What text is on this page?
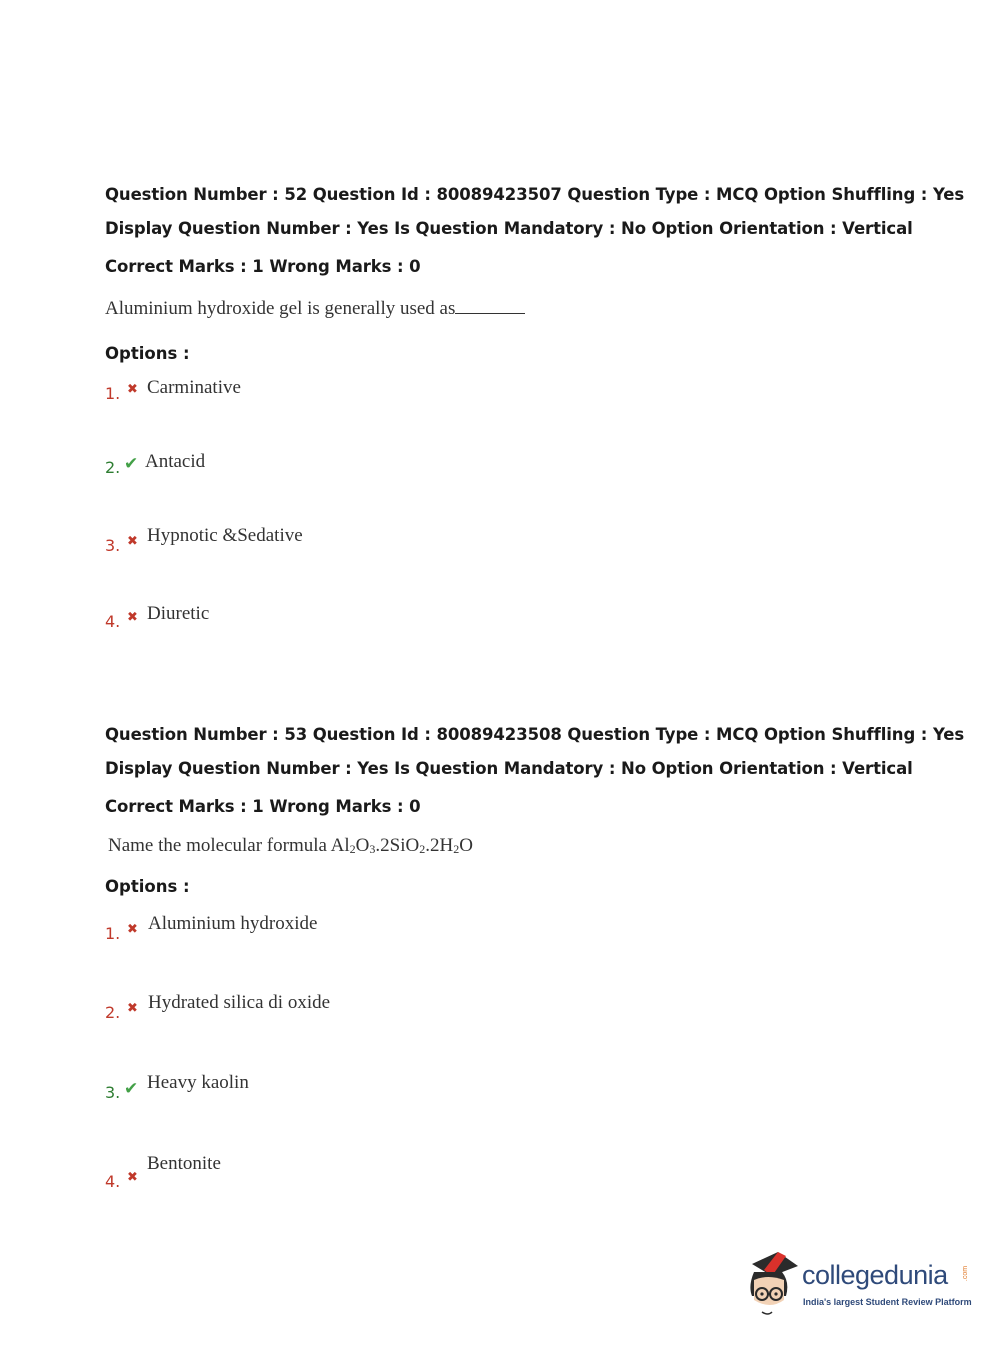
Question Number : 52 Question Id : 80089423507 Question Type : MCQ Option Shuffling : Yes
Display Question Number : Yes Is Question Mandatory : No Option Orientation : Vertical
Correct Marks : 1 Wrong Marks : 0
Aluminium hydroxide gel is generally used as
Options :
1. ✖ Carminative
2. ✔ Antacid
3. ✖ Hypnotic &Sedative
4. ✖ Diuretic
Question Number : 53 Question Id : 80089423508 Question Type : MCQ Option Shuffling : Yes
Display Question Number : Yes Is Question Mandatory : No Option Orientation : Vertical
Correct Marks : 1 Wrong Marks : 0
Name the molecular formula $Al_2O_3.2SiO_2.2H_2O$
Options :
1. ✖ Aluminium hydroxide
2. ✖ Hydrated silica di oxide
3. ✔ Heavy kaolin
4. ✖
Bentonite
collegedunia .com
India's largest Student Review Platform
